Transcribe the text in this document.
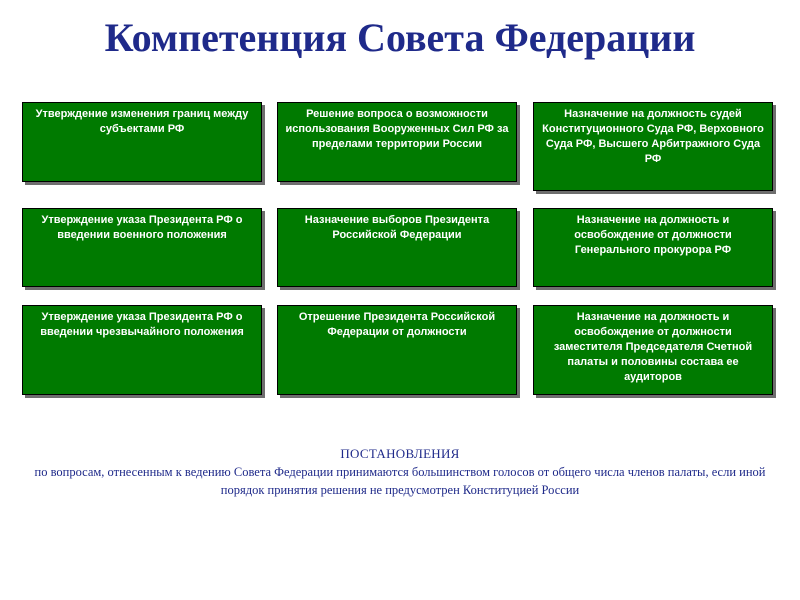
Компетенция Совета Федерации
Утверждение изменения границ между субъектами РФ
Решение вопроса о возможности использования Вооруженных Сил РФ за пределами территории России
Назначение на должность судей Конституционного Суда РФ, Верховного Суда РФ, Высшего Арбитражного Суда РФ
Утверждение указа Президента РФ о введении военного положения
Назначение выборов Президента Российской Федерации
Назначение на должность и освобождение от должности Генерального прокурора РФ
Утверждение указа Президента РФ о введении чрезвычайного положения
Отрешение Президента Российской Федерации от должности
Назначение на должность и освобождение от должности заместителя Председателя Счетной палаты и половины состава ее аудиторов
ПОСТАНОВЛЕНИЯ
по вопросам, отнесенным к ведению Совета Федерации принимаются большинством голосов от общего числа членов палаты, если иной порядок принятия решения не предусмотрен Конституцией России
